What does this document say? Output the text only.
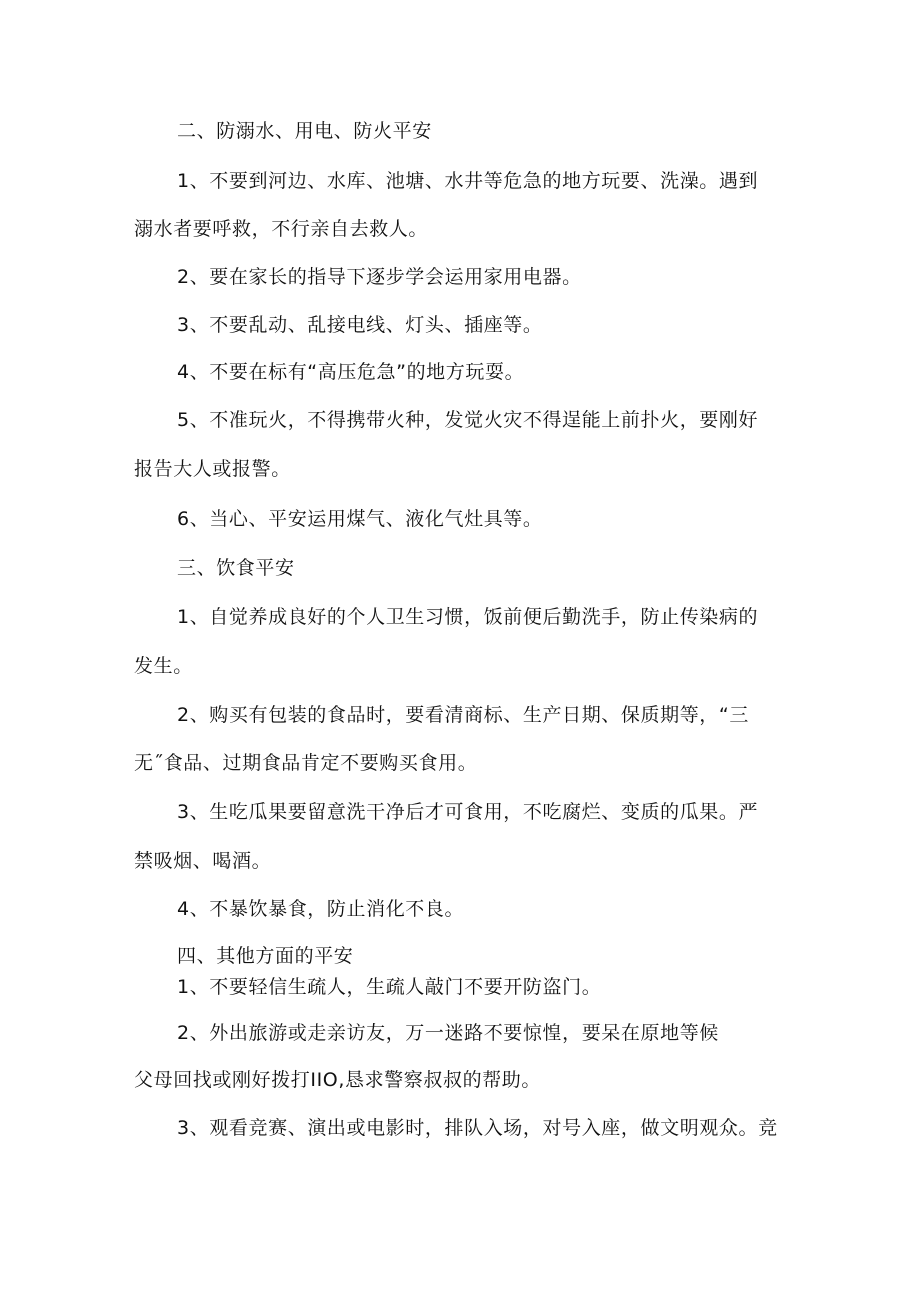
二、防溺水、用电、防火平安
1、不要到河边、水库、池塘、水井等危急的地方玩要、洗澡。遇到
溺水者要呼救，不行亲自去救人。
2、要在家长的指导下逐步学会运用家用电器。
3、不要乱动、乱接电线、灯头、插座等。
4、不要在标有“高压危急”的地方玩耍。
5、不准玩火，不得携带火种，发觉火灾不得逞能上前扑火，要刚好
报告大人或报警。
6、当心、平安运用煤气、液化气灶具等。
三、饮食平安
1、自觉养成良好的个人卫生习惯，饭前便后勤洗手，防止传染病的
发生。
2、购买有包装的食品时，要看清商标、生产日期、保质期等，“三
无˝食品、过期食品肯定不要购买食用。
3、生吃瓜果要留意洗干净后才可食用，不吃腐烂、变质的瓜果。严
禁吸烟、喝酒。
4、不暴饮暴食，防止消化不良。
四、其他方面的平安
1、不要轻信生疏人，生疏人敲门不要开防盗门。
2、外出旅游或走亲访友，万一迷路不要惊惶，要呆在原地等候
父母回找或刚好拨打IIO,恳求警察叔叔的帮助。
3、观看竞赛、演出或电影时，排队入场，对号入座，做文明观众。竞
